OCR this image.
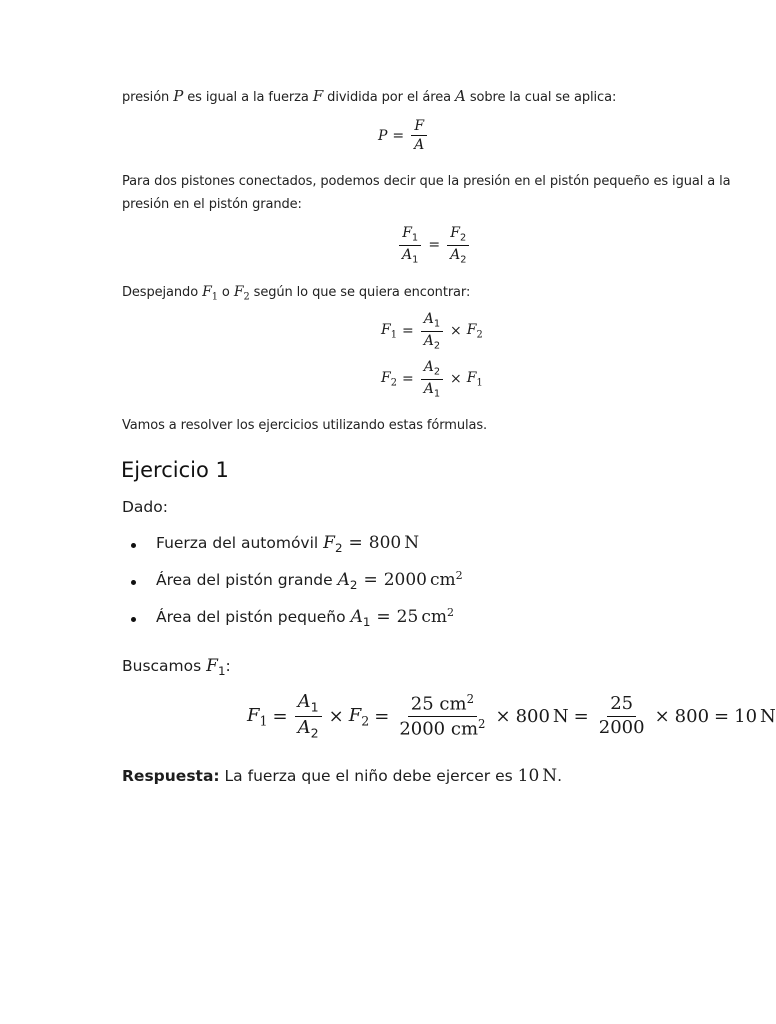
presión P es igual a la fuerza F dividida por el área A sobre la cual se aplica:
$P = \frac{F}{A}$
Para dos pistones conectados, podemos decir que la presión en el pistón pequeño es igual a la
presión en el pistón grande:
$\frac{F_1}{A_1} = \frac{F_2}{A_2}$
Despejando $F_1$ o $F_2$ según lo que se quiera encontrar:
$F_1 = \frac{A_1}{A_2} \times F_2$
$F_2 = \frac{A_2}{A_1} \times F_1$
Vamos a resolver los ejercicios utilizando estas fórmulas.
Ejercicio 1
Dado:
Fuerza del automóvil $F_2 = 800$ N
Área del pistón grande $A_2 = 2000$ $cm^2$
Área del pistón pequeño $A_1 = 25$ $cm^2$
Buscamos $F_1$:
$F_1 = \frac{A_1}{A_2} \times F_2 = \frac{25 cm^2}{2000 cm^2} \times 800$ $N = \frac{25}{2000} \times 800 = 10$ N
Respuesta: La fuerza que el niño debe ejercer es 10 N.
